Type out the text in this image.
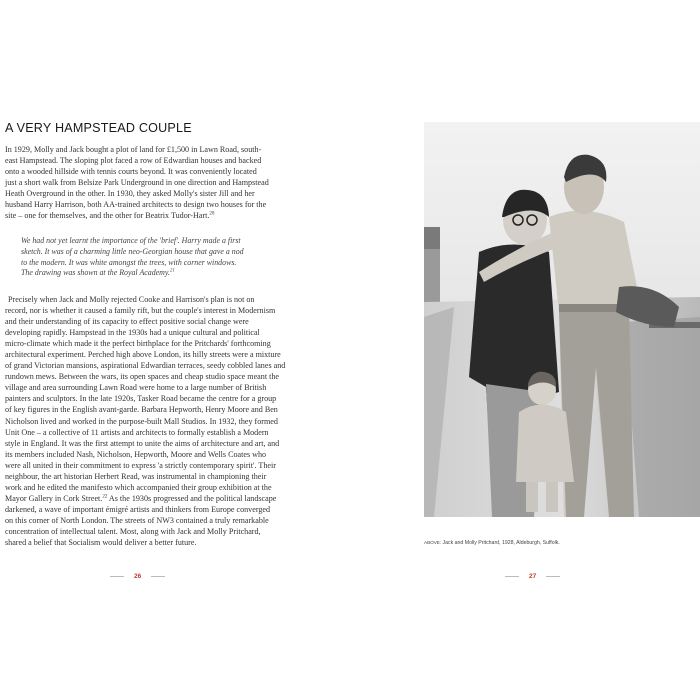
A VERY HAMPSTEAD COUPLE
In 1929, Molly and Jack bought a plot of land for £1,500 in Lawn Road, south-
east Hampstead. The sloping plot faced a row of Edwardian houses and backed
onto a wooded hillside with tennis courts beyond. It was conveniently located
just a short walk from Belsize Park Underground in one direction and Hampstead
Heath Overground in the other. In 1930, they asked Molly's sister Jill and her
husband Harry Harrison, both AA-trained architects to design two houses for the
site – one for themselves, and the other for Beatrix Tudor-Hart.$^{20}$
We had not yet learnt the importance of the 'brief'. Harry made a first
sketch. It was of a charming little neo-Georgian house that gave a nod
to the modern. It was white amongst the trees, with corner windows.
The drawing was shown at the Royal Academy.$^{21}$
Precisely when Jack and Molly rejected Cooke and Harrison's plan is not on
record, nor is whether it caused a family rift, but the couple's interest in Modernism
and their understanding of its capacity to effect positive social change were
developing rapidly. Hampstead in the 1930s had a unique cultural and political
micro-climate which made it the perfect birthplace for the Pritchards' forthcoming
architectural experiment. Perched high above London, its hilly streets were a mixture
of grand Victorian mansions, aspirational Edwardian terraces, seedy cobbled lanes and
rundown mews. Between the wars, its open spaces and cheap studio space meant the
village and area surrounding Lawn Road were home to a large number of British
painters and sculptors. In the late 1920s, Tasker Road became the centre for a group
of key figures in the English avant-garde. Barbara Hepworth, Henry Moore and Ben
Nicholson lived and worked in the purpose-built Mall Studios. In 1932, they formed
Unit One – a collective of 11 artists and architects to formally establish a Modern
style in England. It was the first attempt to unite the aims of architecture and art, and
its members included Nash, Nicholson, Hepworth, Moore and Wells Coates who
were all united in their commitment to express 'a strictly contemporary spirit'. Their
neighbour, the art historian Herbert Read, was instrumental in championing their
work and he edited the manifesto which accompanied their group exhibition at the
Mayor Gallery in Cork Street.$^{22}$ As the 1930s progressed and the political landscape
darkened, a wave of important émigré artists and thinkers from Europe converged
on this corner of North London. The streets of NW3 contained a truly remarkable
concentration of intellectual talent. Most, along with Jack and Molly Pritchard,
shared a belief that Socialism would deliver a better future.
26
ABOVE: Jack and Molly Pritchard, 1928, Aldeburgh, Suffolk.
27
